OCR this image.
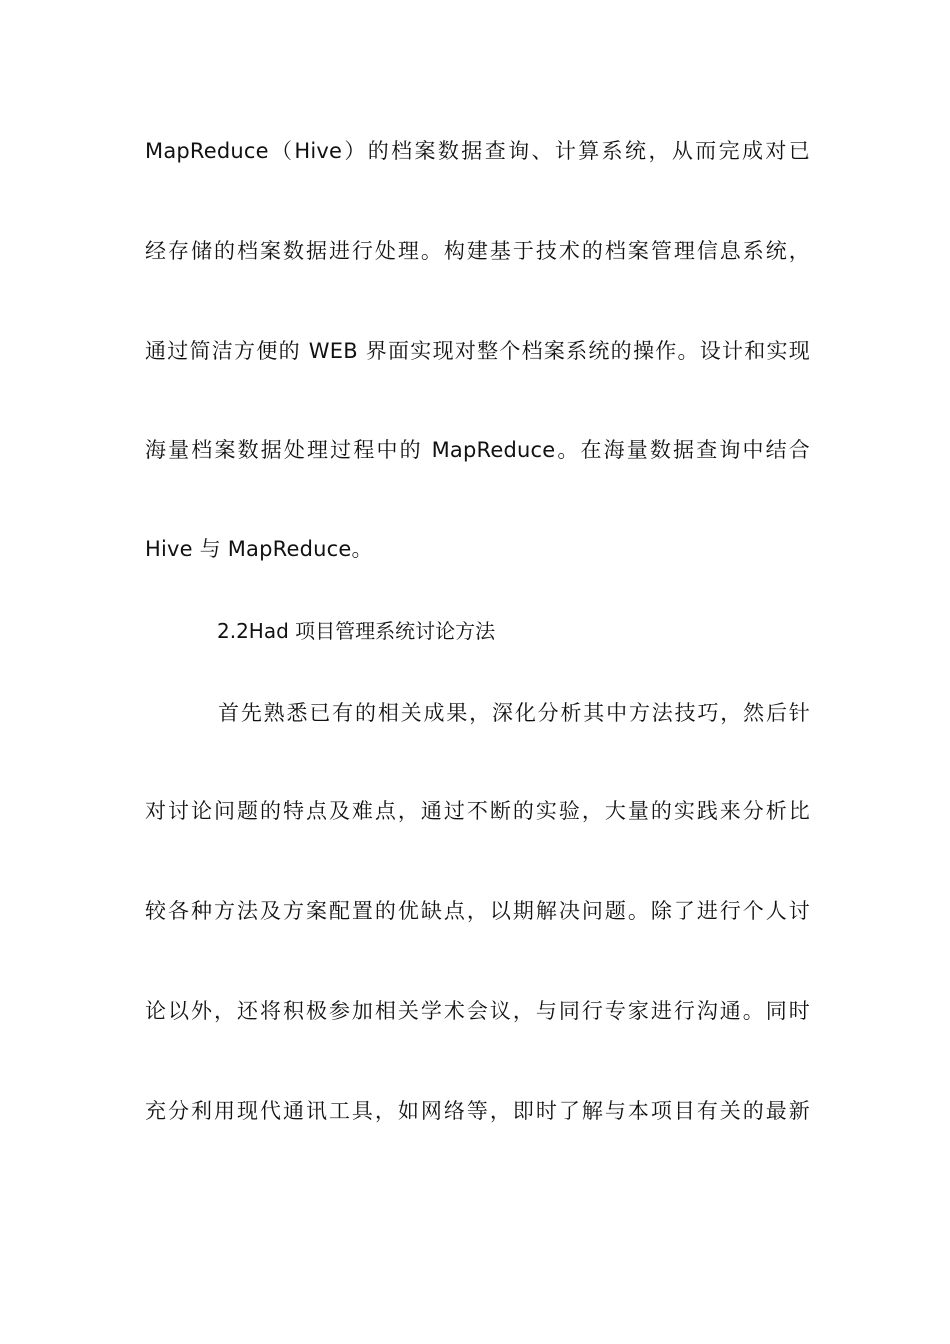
MapReduce（Hive）的档案数据查询、计算系统，从而完成对已
经存储的档案数据进行处理。构建基于技术的档案管理信息系统，
通过简洁方便的 WEB 界面实现对整个档案系统的操作。设计和实现
海量档案数据处理过程中的 MapReduce。在海量数据查询中结合
Hive 与 MapReduce。
2.2Had 项目管理系统讨论方法
首先熟悉已有的相关成果，深化分析其中方法技巧，然后针
对讨论问题的特点及难点，通过不断的实验，大量的实践来分析比
较各种方法及方案配置的优缺点，以期解决问题。除了进行个人讨
论以外，还将积极参加相关学术会议，与同行专家进行沟通。同时
充分利用现代通讯工具，如网络等，即时了解与本项目有关的最新
